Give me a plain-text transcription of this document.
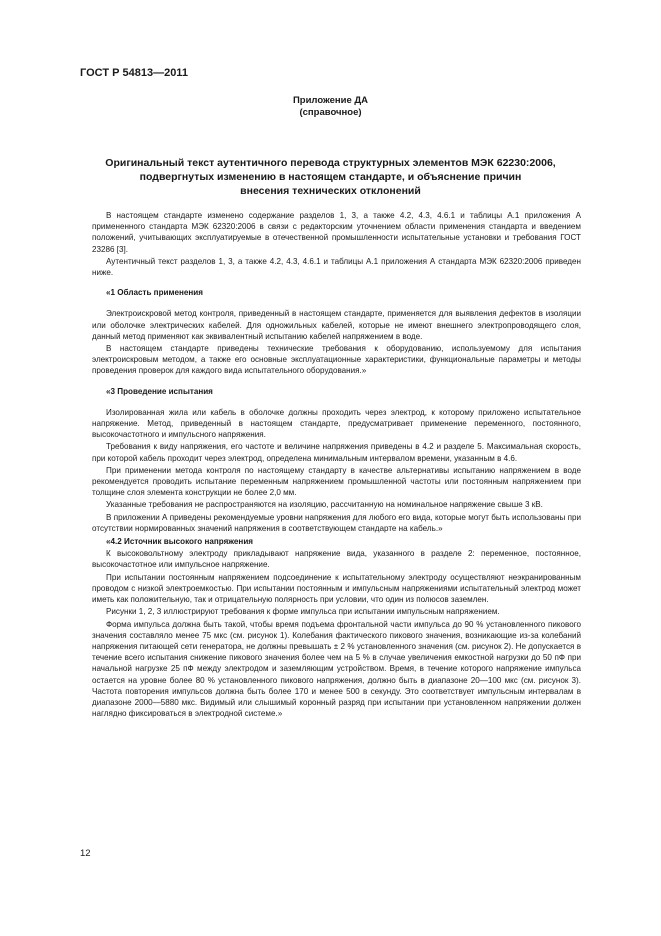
ГОСТ Р 54813—2011
Приложение ДА
(справочное)
Оригинальный текст аутентичного перевода структурных элементов МЭК 62230:2006,
подвергнутых изменению в настоящем стандарте, и объяснение причин
внесения технических отклонений

В настоящем стандарте изменено содержание разделов 1, 3, а также 4.2, 4.3, 4.6.1 и таблицы А.1 приложения А примененного стандарта МЭК 62320:2006 в связи с редакторским уточнением области применения стандарта и введением положений, учитывающих эксплуатируемые в отечественной промышленности испытательные установки и требования ГОСТ 23286 [3].

Аутентичный текст разделов 1, 3, а также 4.2, 4.3, 4.6.1 и таблицы А.1 приложения А стандарта МЭК 62320:2006 приведен ниже.

«1 Область применения

Электроискровой метод контроля, приведенный в настоящем стандарте, применяется для выявления дефектов в изоляции или оболочке электрических кабелей. Для одножильных кабелей, которые не имеют внешнего электропроводящего слоя, данный метод применяют как эквивалентный испытанию кабелей напряжением в воде.

В настоящем стандарте приведены технические требования к оборудованию, используемому для испытания электроискровым методом, а также его основные эксплуатационные характеристики, функциональные параметры и методы проведения проверок для каждого вида испытательного оборудования.»

«3 Проведение испытания

Изолированная жила или кабель в оболочке должны проходить через электрод, к которому приложено испытательное напряжение. Метод, приведенный в настоящем стандарте, предусматривает применение переменного, постоянного, высокочастотного и импульсного напряжения.

Требования к виду напряжения, его частоте и величине напряжения приведены в 4.2 и разделе 5. Максимальная скорость, при которой кабель проходит через электрод, определена минимальным интервалом времени, указанным в 4.6.

При применении метода контроля по настоящему стандарту в качестве альтернативы испытанию напряжением в воде рекомендуется проводить испытание переменным напряжением промышленной частоты или постоянным напряжением при толщине слоя элемента конструкции не более 2,0 мм.

Указанные требования не распространяются на изоляцию, рассчитанную на номинальное напряжение свыше 3 кВ.

В приложении А приведены рекомендуемые уровни напряжения для любого его вида, которые могут быть использованы при отсутствии нормированных значений напряжения в соответствующем стандарте на кабель.»

«4.2 Источник высокого напряжения

К высоковольтному электроду прикладывают напряжение вида, указанного в разделе 2: переменное, постоянное, высокочастотное или импульсное напряжение.

При испытании постоянным напряжением подсоединение к испытательному электроду осуществляют неэкранированным проводом с низкой электроемкостью. При испытании постоянным и импульсным напряжениями испытательный электрод может иметь как положительную, так и отрицательную полярность при условии, что один из полюсов заземлен.

Рисунки 1, 2, 3 иллюстрируют требования к форме импульса при испытании импульсным напряжением.

Форма импульса должна быть такой, чтобы время подъема фронтальной части импульса до 90 % установленного пикового значения составляло менее 75 мкс (см. рисунок 1). Колебания фактического пикового значения, возникающие из-за колебаний напряжения питающей сети генератора, не должны превышать ± 2 % установленного значения (см. рисунок 2). Не допускается в течение всего испытания снижение пикового значения более чем на 5 % в случае увеличения емкостной нагрузки до 50 пФ при начальной нагрузке 25 пФ между электродом и заземляющим устройством. Время, в течение которого напряжение импульса остается на уровне более 80 % установленного пикового напряжения, должно быть в диапазоне 20—100 мкс (см. рисунок 3). Частота повторения импульсов должна быть более 170 и менее 500 в секунду. Это соответствует импульсным интервалам в диапазоне 2000—5880 мкс. Видимый или слышимый коронный разряд при испытании при установленном напряжении должен наглядно фиксироваться в электродной системе.»

12
